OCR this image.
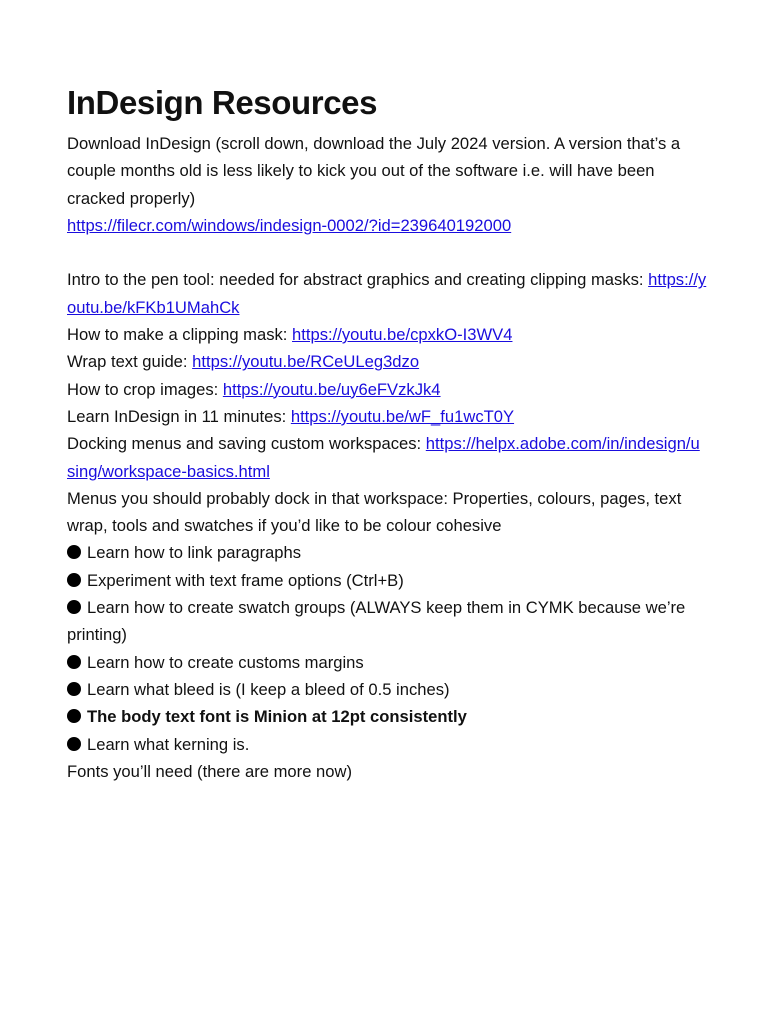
InDesign Resources

Download InDesign (scroll down, download the July 2024 version. A version that’s a couple months old is less likely to kick you out of the software i.e. will have been cracked properly)

https://filecr.com/windows/indesign-0002/?id=239640192000

Intro to the pen tool: needed for abstract graphics and creating clipping masks: https://youtu.be/kFKb1UMahCk

How to make a clipping mask: https://youtu.be/cpxkO-I3WV4

Wrap text guide: https://youtu.be/RCeULeg3dzo

How to crop images: https://youtu.be/uy6eFVzkJk4

Learn InDesign in 11 minutes: https://youtu.be/wF_fu1wcT0Y

Docking menus and saving custom workspaces: https://helpx.adobe.com/in/indesign/using/workspace-basics.html

Menus you should probably dock in that workspace: Properties, colours, pages, text wrap, tools and swatches if you’d like to be colour cohesive

Learn how to link paragraphs

Experiment with text frame options (Ctrl+B)

Learn how to create swatch groups (ALWAYS keep them in CYMK because we’re printing)

Learn how to create customs margins

Learn what bleed is (I keep a bleed of 0.5 inches)

The body text font is Minion at 12pt consistently

Learn what kerning is.

Fonts you’ll need (there are more now)
